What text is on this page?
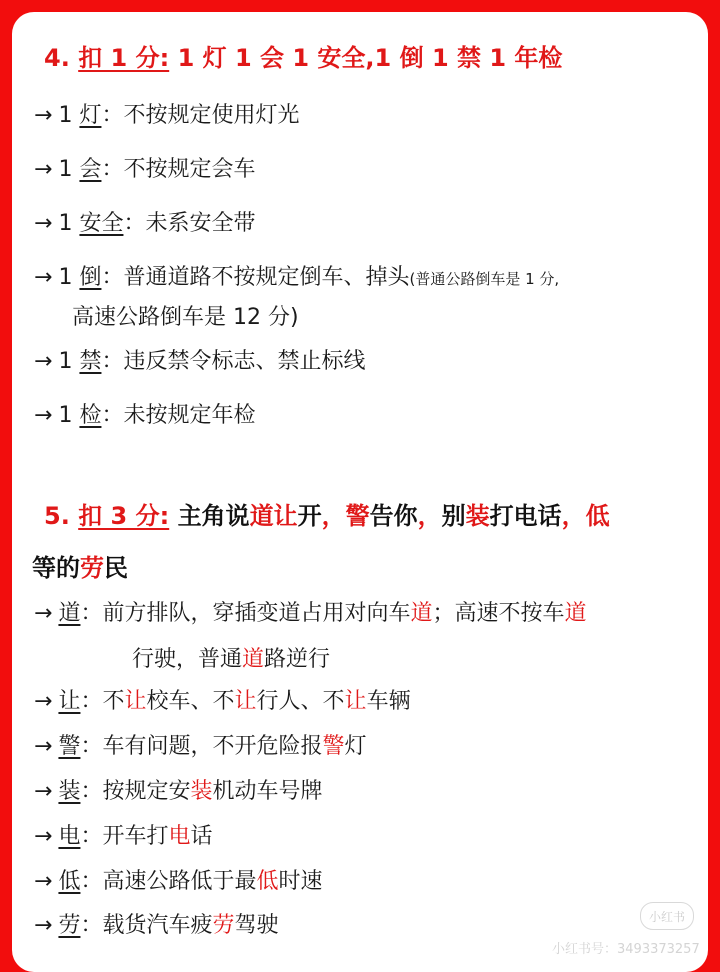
4. 扣 1 分: 1 灯 1 会 1 安全,1 倒 1 禁 1 年检
→ 1 灯：不按规定使用灯光
→ 1 会：不按规定会车
→ 1 安全：未系安全带
→ 1 倒：普通道路不按规定倒车、掉头(普通公路倒车是 1 分,
高速公路倒车是 12 分)
→ 1 禁：违反禁令标志、禁止标线
→ 1 检：未按规定年检
5. 扣 3 分: 主角说道让开，警告你，别装打电话，低
等的劳民
→ 道：前方排队，穿插变道占用对向车道；高速不按车道
行驶，普通道路逆行
→ 让：不让校车、不让行人、不让车辆
→ 警：车有问题，不开危险报警灯
→ 装：按规定安装机动车号牌
→ 电：开车打电话
→ 低：高速公路低于最低时速
→ 劳：载货汽车疲劳驾驶	小红书
小红书号：3493373257
